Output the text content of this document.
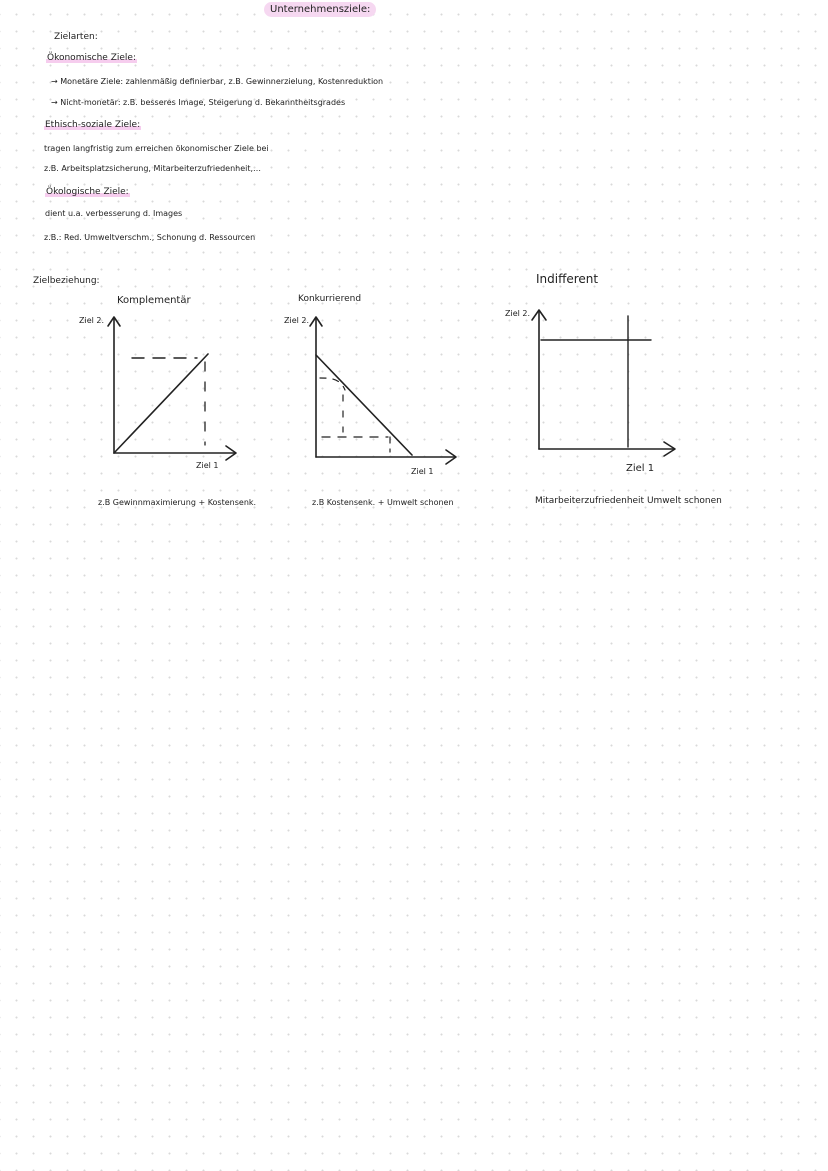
Unternehmensziele:
Zielarten:
Ökonomische Ziele:
→ Monetäre Ziele: zahlenmäßig definierbar, z.B. Gewinnerzielung, Kostenreduktion
→ Nicht-monetär: z.B. besseres Image, Steigerung d. Bekanntheitsgrades
Ethisch-soziale Ziele:
tragen langfristig zum erreichen ökonomischer Ziele bei
z.B. Arbeitsplatzsicherung, Mitarbeiterzufriedenheit,…
Ökologische Ziele:
dient u.a. verbesserung d. Images
z.B.: Red. Umweltverschm., Schonung d. Ressourcen
Zielbeziehung:
Komplementär
Ziel 2.
Ziel 1
z.B Gewinnmaximierung + Kostensenk.
Konkurrierend
Ziel 2.
Ziel 1
z.B Kostensenk. + Umwelt schonen
Indifferent
Ziel 2.
Ziel 1
Mitarbeiterzufriedenheit Umwelt schonen
